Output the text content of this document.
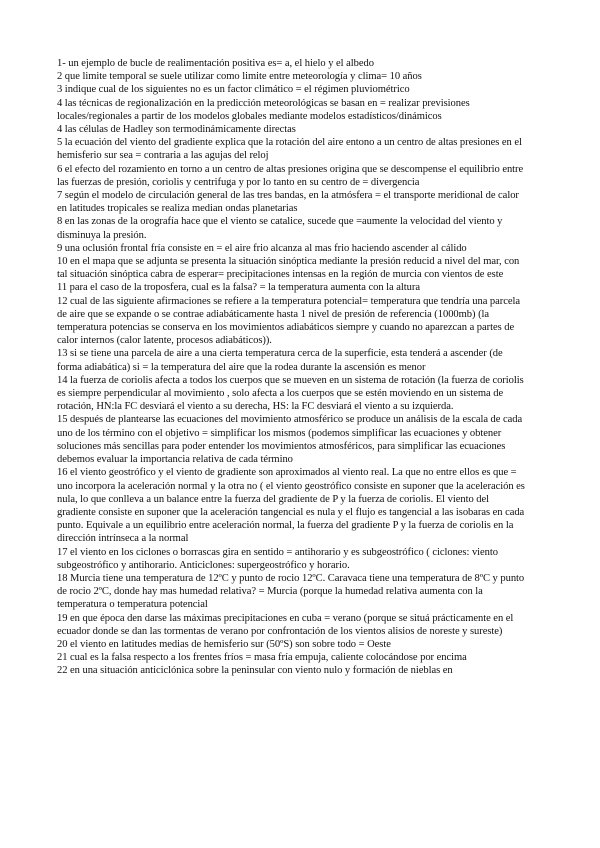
1- un ejemplo de bucle de realimentación positiva es= a, el hielo y el albedo

2 que limite temporal se suele utilizar como limite entre meteorología y clima= 10 años

3 indique cual de los siguientes no es un factor climático = el régimen pluviométrico

4 las técnicas de regionalización en la predicción meteorológicas se basan en = realizar previsiones locales/regionales a partir de los modelos globales mediante modelos estadísticos/dinámicos

4 las células de Hadley son termodinámicamente directas

5 la ecuación del viento del gradiente explica que la rotación del aire entono a un centro de altas presiones en el hemisferio sur sea = contraria a las agujas del reloj

6 el efecto del rozamiento en torno a un centro de altas presiones origina que se descompense el equilibrio entre las fuerzas de presión, coriolis y centrifuga y por lo tanto en su centro de = divergencia

7 según el modelo de circulación general de las tres bandas, en la atmósfera = el transporte meridional de calor en latitudes tropicales se realiza median ondas planetarias

8 en las zonas de la orografía hace que el viento se catalice, sucede que =aumente la velocidad del viento y disminuya la presión.

9 una oclusión frontal fría consiste en = el aire frio alcanza al mas frio haciendo ascender al cálido

10 en el mapa que se adjunta se presenta la situación sinóptica mediante la presión reducid a nivel del mar, con tal situación sinóptica cabra de esperar= precipitaciones intensas en la región de murcia con vientos de este

11 para el caso de la troposfera, cual es la falsa? = la temperatura aumenta con la altura

12 cual de las siguiente afirmaciones se refiere a la temperatura potencial= temperatura que tendría una parcela de aire que se expande o se contrae adiabáticamente hasta 1 nivel de presión de referencia (1000mb) (la temperatura potencias se conserva en los movimientos adiabáticos siempre y cuando no aparezcan a partes de calor internos (calor latente, procesos adiabáticos)).

13 si se tiene una parcela de aire a una cierta temperatura cerca de la superficie, esta tenderá a ascender (de forma adiabática) si = la temperatura del aire que la rodea durante la ascensión es menor

14 la fuerza de coriolis afecta a todos los cuerpos que se mueven en un sistema de rotación (la fuerza de coriolis es siempre perpendicular al movimiento , solo afecta a los cuerpos que se estén moviendo en un sistema de rotación, HN:la FC desviará el viento a su derecha, HS: la FC desviará el viento a su izquierda.

15 después de plantearse las ecuaciones del movimiento atmosférico se produce un análisis de la escala de cada uno de los término con el objetivo = simplificar los mismos (podemos simplificar las ecuaciones y obtener soluciones más sencillas para poder entender los movimientos atmosféricos, para simplificar las ecuaciones debemos evaluar la importancia relativa de cada término

16 el viento geostrófico y el viento de gradiente son aproximados al viento real. La que no entre ellos es que = uno incorpora la aceleración normal y la otra no ( el viento geostrófico consiste en suponer que la aceleración es nula, lo que conlleva a un balance entre la fuerza del gradiente de P y la fuerza de coriolis. El viento del gradiente consiste en suponer que la aceleración tangencial es nula y el flujo es tangencial a las isobaras en cada punto. Equivale a un equilibrio entre aceleración normal, la fuerza del gradiente P y la fuerza de coriolis en la dirección intrínseca a la normal

17 el viento en los ciclones o borrascas gira en sentido = antihorario y es subgeostrófico ( ciclones: viento subgeostrófico y antihorario. Anticiclones: supergeostrófico y horario.

18 Murcia tiene una temperatura de 12ºC y punto de rocio 12ºC. Caravaca tiene una temperatura de 8ºC y punto de rocio 2ºC, donde hay mas humedad relativa? = Murcia (porque la humedad relativa aumenta con la temperatura o temperatura potencial

19 en que época den darse las máximas precipitaciones en cuba = verano (porque se situá prácticamente en el ecuador donde se dan las tormentas de verano por confrontación de los vientos alisios de noreste y sureste)

20 el viento en latitudes medias de hemisferio sur (50ºS) son sobre todo = Oeste

21 cual es la falsa respecto a los frentes fríos = masa fría empuja, caliente colocándose por encima

22 en una situación anticiclónica sobre la peninsular con viento nulo y formación de nieblas en
